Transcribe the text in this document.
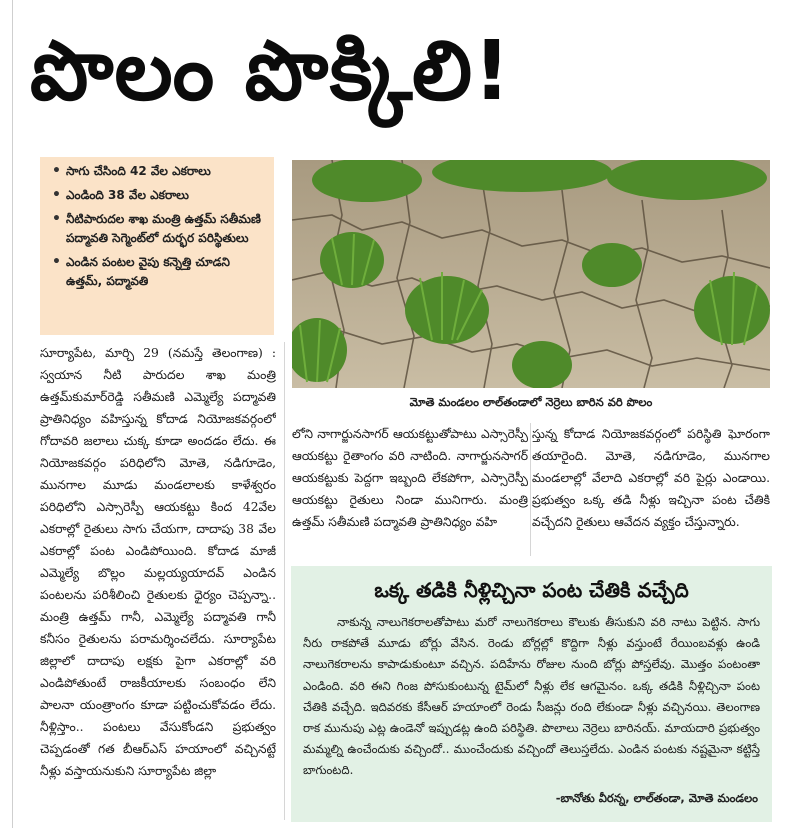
పొలం పొక్కిలి!
• సాగు చేసింది 42 వేల ఎకరాలు
• ఎండింది 38 వేల ఎకరాలు
• నీటిపారుదల శాఖ మంత్రి ఉత్తమ్ సతీమణి పద్మావతి సెగ్మెంట్‌లో దుర్భర పరిస్థితులు
• ఎండిన పంటల వైపు కన్నెత్తి చూడని ఉత్తమ్, పద్మావతి
మోతె మండలం లాల్‌తండాలో నెర్రెలు బారిన వరి పొలం

సూర్యాపేట, మార్చి 29 (నమస్తే తెలంగాణ) : స్వయాన నీటి పారుదల శాఖ మంత్రి ఉత్తమ్‌కుమార్‌రెడ్డి సతీమణి ఎమ్మెల్యే పద్మావతి ప్రాతినిధ్యం వహిస్తున్న కోదాడ నియోజకవర్గంలో గోదావరి జలాలు చుక్క కూడా అందడం లేదు. ఈ నియోజకవర్గం పరిధిలోని మోతె, నడిగూడెం, మునగాల మూడు మండలాలకు కాళేశ్వరం పరిధిలోని ఎస్సారెస్పీ ఆయకట్టు కింద 42వేల ఎకరాల్లో రైతులు సాగు చేయగా, దాదాపు 38 వేల ఎకరాల్లో పంట ఎండిపోయింది. కోదాడ మాజీ ఎమ్మెల్యే బొల్లం మల్లయ్యయాదవ్ ఎండిన పంటలను పరిశీలించి రైతులకు ధైర్యం చెప్పన్నా.. మంత్రి ఉత్తమ్ గానీ, ఎమ్మెల్యే పద్మావతి గానీ కనీసం రైతులను పరామర్శించలేదు. సూర్యాపేట జిల్లాలో దాదాపు లక్షకు పైగా ఎకరాల్లో వరి ఎండిపోతుంటే రాజకీయాలకు సంబంధం లేని పాలనా యంత్రాంగం కూడా పట్టించుకోవడం లేదు. నీళ్లిస్తాం.. పంటలు వేసుకోండని ప్రభుత్వం చెప్పడంతో గత బీఆర్‌ఎస్ హయాంలో వచ్చినట్టే నీళ్లు వస్తాయనుకుని సూర్యాపేట జిల్లా

లోని నాగార్జునసాగర్ ఆయకట్టుతోపాటు ఎస్సారెస్పీ ఆయకట్టు రైతాంగం వరి నాటింది. నాగార్జునసాగర్ ఆయకట్టుకు పెద్దగా ఇబ్బంది లేకపోగా, ఎస్సారెస్పీ ఆయకట్టు రైతులు నిండా మునిగారు. మంత్రి ఉత్తమ్ సతీమణి పద్మావతి ప్రాతినిధ్యం వహి

స్తున్న కోదాడ నియోజకవర్గంలో పరిస్థితి ఘోరంగా తయారైంది. మోతె, నడిగూడెం, మునగాల మండలాల్లో వేలాది ఎకరాల్లో వరి పైర్లు ఎండాయి. ప్రభుత్వం ఒక్క తడి నీళ్లు ఇచ్చినా పంట చేతికి వచ్చేదని రైతులు ఆవేదన వ్యక్తం చేస్తున్నారు.

ఒక్క తడికి నీళ్లిచ్చినా పంట చేతికి వచ్చేది

నాకున్న నాలుగెకరాలతోపాటు మరో నాలుగెకరాలు కౌలుకు తీసుకుని వరి నాటు పెట్టిన. సాగు నీరు రాకపోతే మూడు బోర్లు వేసిన. రెండు బోర్లల్లో కొద్దిగా నీళ్లు వస్తుంటే రేయింబవళ్లు ఉండి నాలుగెకరాలను కాపాడుకుంటూ వచ్చిన. పదిహేను రోజుల నుంది బోర్లు పోస్తలేవు. మొత్తం పంటంతా ఎండింది. వరి ఈని గింజ పోసుకుంటున్న టైమ్‌లో నీళ్లు లేక ఆగమైనం. ఒక్క తడికి నీళ్లిచ్చినా పంట చేతికి వచ్చేది. ఇదివరకు కేసీఆర్ హయాంలో రెండు సీజన్లు రంది లేకుండా నీళ్లు వచ్చినయి. తెలంగాణ రాక మునుపు ఎట్ల ఉండెనో ఇప్పుడట్ల ఉంది పరిస్థితి. పొలాలు నెర్రెలు బారినయ్. మాయదారి ప్రభుత్వం మమ్మల్ని ఉంచేందుకు వచ్చిందో.. ముంచేందుకు వచ్చిందో తెలుస్తలేదు. ఎండిన పంటకు నష్టమైనా కట్టిస్తే బాగుంటది.

-బానోతు వీరన్న, లాల్‌తండా, మోతె మండలం
